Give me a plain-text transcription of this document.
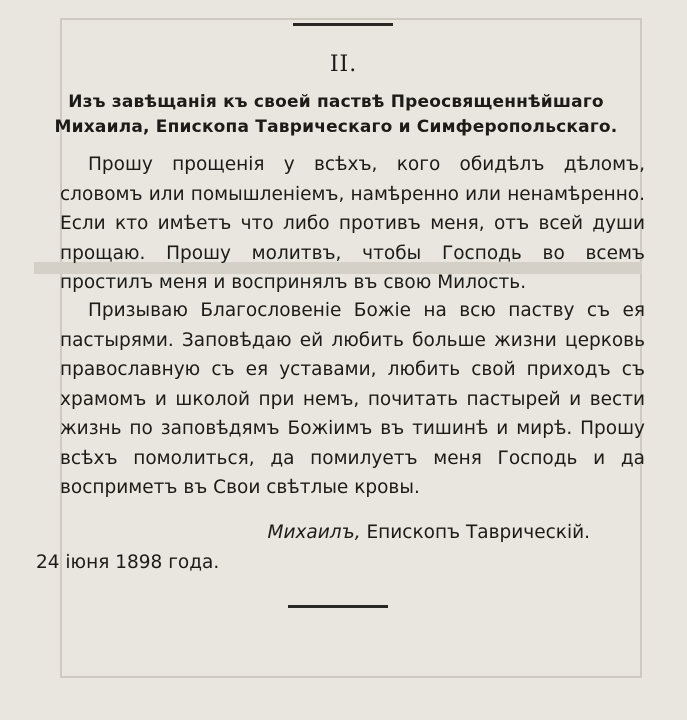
II.
Изъ завѣщанія къ своей паствѣ Преосвященнѣйшаго Михаила, Епископа Таврическаго и Симферопольскаго.

Прошу прощенія у всѣхъ, кого обидѣлъ дѣломъ, словомъ или помышленіемъ, намѣренно или ненамѣренно. Если кто имѣетъ что либо противъ меня, отъ всей души прощаю. Прошу молитвъ, чтобы Господь во всемъ простилъ меня и воспринялъ въ свою Милость.

Призываю Благословеніе Божіе на всю паству съ ея пастырями. Заповѣдаю ей любить больше жизни церковь православную съ ея уставами, любить свой приходъ съ храмомъ и школой при немъ, почитать пастырей и вести жизнь по заповѣдямъ Божіимъ въ тишинѣ и мирѣ. Прошу всѣхъ помолиться, да помилуетъ меня Господь и да восприметъ въ Свои свѣтлые кровы.

Михаилъ, Епископъ Таврическій.
24 іюня 1898 года.
